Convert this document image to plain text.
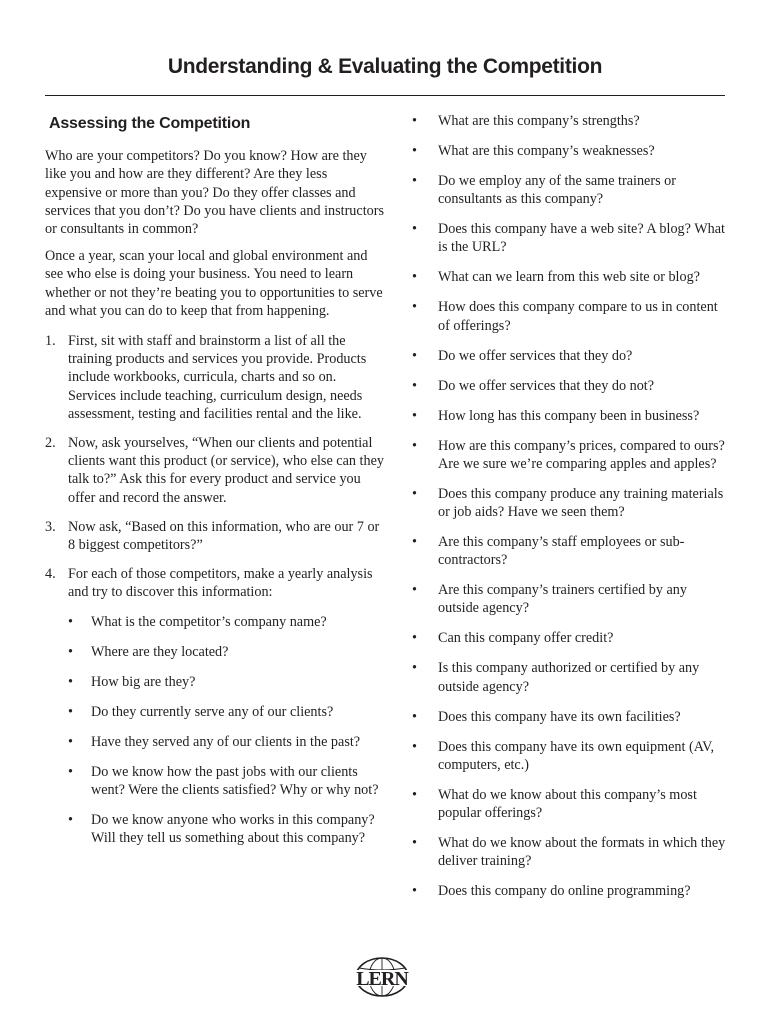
Understanding & Evaluating the Competition
Assessing the Competition

Who are your competitors? Do you know? How are they like you and how are they different? Are they less expensive or more than you? Do they offer classes and services that you don’t? Do you have clients and instructors or consultants in common?

Once a year, scan your local and global environment and see who else is doing your business. You need to learn whether or not they’re beating you to opportunities to serve and what you can do to keep that from happening.

1. First, sit with staff and brainstorm a list of all the training products and services you provide. Products include workbooks, curricula, charts and so on. Services include teaching, curriculum design, needs assessment, testing and facilities rental and the like.
2. Now, ask yourselves, “When our clients and potential clients want this product (or service), who else can they talk to?” Ask this for every product and service you offer and record the answer.
3. Now ask, “Based on this information, who are our 7 or 8 biggest competitors?”
4. For each of those competitors, make a yearly analysis and try to discover this information:
• What is the competitor’s company name?
• Where are they located?
• How big are they?
• Do they currently serve any of our clients?
• Have they served any of our clients in the past?
• Do we know how the past jobs with our clients went? Were the clients satisfied? Why or why not?
• Do we know anyone who works in this company? Will they tell us something about this company?
• What are this company’s strengths?
• What are this company’s weaknesses?
• Do we employ any of the same trainers or consultants as this company?
• Does this company have a web site? A blog? What is the URL?
• What can we learn from this web site or blog?
• How does this company compare to us in content of offerings?
• Do we offer services that they do?
• Do we offer services that they do not?
• How long has this company been in business?
• How are this company’s prices, compared to ours? Are we sure we’re comparing apples and apples?
• Does this company produce any training materials or job aids? Have we seen them?
• Are this company’s staff employees or sub-contractors?
• Are this company’s trainers certified by any outside agency?
• Can this company offer credit?
• Is this company authorized or certified by any outside agency?
• Does this company have its own facilities?
• Does this company have its own equipment (AV, computers, etc.)
• What do we know about this company’s most popular offerings?
• What do we know about the formats in which they deliver training?
• Does this company do online programming?
LERN
